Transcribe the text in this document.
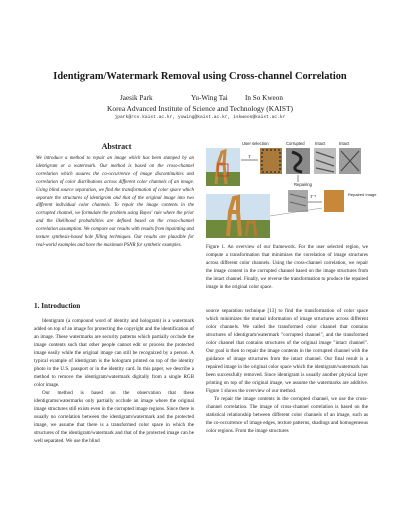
Identigram/Watermark Removal using Cross-channel Correlation
Jaesik Park	Yu-Wing Tai In So Kweon
Korea Advanced Institute of Science and Technology (KAIST)
jpark@rcv.kaist.ac.kr, yuwing@kaist.ac.kr, iskweon@kaist.ac.kr
Abstract

We introduce a method to repair an image which has been stamped by an identigram or a watermark. Our method is based on the cross-channel correlation which assures the co-occurrence of image discontinuities and correlation of color distributions across different color channels of an image. Using blind source separation, we find the transformation of color space which separate the structures of identigram and that of the original image into two different individual color channels. To repair the image contents in the corrupted channel, we formulate the problem using Bayes' rule where the prior and the likelihood probabilities are defined based on the cross-channel correlation assumption. We compare our results with results from inpainting and texture synthesis-based hole filling techniques. Our results are plausible for real-world examples and have the maximum PSNR for synthetic examples.

1. Introduction

Identigram (a compound word of identity and hologram) is a watermark added on top of an image for protecting the copyright and the identification of an image. These watermarks are security patterns which partially occlude the image contents such that other people cannot edit or process the protected image easily while the original image can still be recognized by a person. A typical example of identigram is the hologram printed on top of the identity photo in the U.S. passport or in the identity card. In this paper, we describe a method to remove the identigram/watermark digitally from a single RGB color image.

Our method is based on the observation that these identigrams/watermarks only partially occlude an image where the original image structures still exists even in the corrupted image regions. Since there is usually no correlation between the identigram/watermark and the protected image, we assume that there is a transformed color space in which the structures of the identigram/watermark and that of the protected image can be well separated. We use the blind

User selection
T
Corrupted Intact	Intact
Repairing
T⁻¹	Repaired Image

Figure 1. An overview of our framework. For the user selected region, we compute a transformation that minimizes the correlation of image structures across different color channels. Using the cross-channel correlation, we repair the image content in the corrupted channel based on the image structures from the intact channel. Finally, we reverse the transformation to produce the repaired image in the original color space.

source separation technique [13] to find the transformation of color space which minimizes the mutual information of image structures across different color channels. We called the transformed color channel that contains structures of identigram/watermark "corrupted channel", and the transformed color channel that contains structures of the original image "intact channel". Our goal is then to repair the image contents in the corrupted channel with the guidance of image structures from the intact channel. Our final result is a repaired image in the original color space which the identigram/watermark has been successfully removed. Since identigram is usually another physical layer printing on top of the original image, we assume the watermarks are additive. Figure 1 shows the overview of our method.

To repair the image contents in the corrupted channel, we use the cross-channel correlation. The image of cross-channel correlation is based on the statistical relationship between different color channels of an image, such as the co-occurrence of image edges, texture patterns, shadings and homogeneous color regions. From the image structures
